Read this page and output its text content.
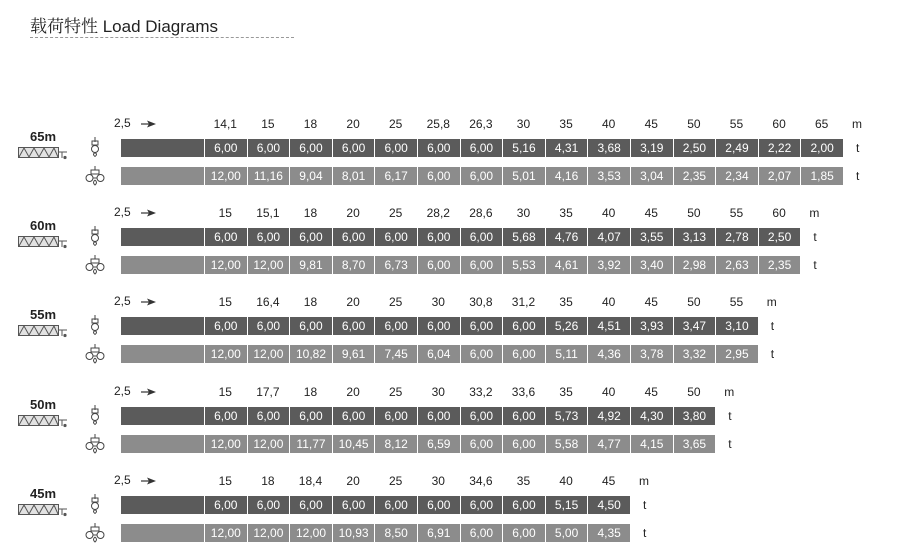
载荷特性 Load Diagrams
65m
2,5	14,1	15	18	20	25	25,8	26,3	30	35	40	45	50	55	60	65	m
6,00	6,00	6,00	6,00	6,00	6,00	6,00	5,16	4,31	3,68	3,19	2,50	2,49	2,22	2,00	t
12,00	11,16	9,04	8,01	6,17	6,00	6,00	5,01	4,16	3,53	3,04	2,35	2,34	2,07	1,85	t
60m
2,5	15	15,1	18	20	25	28,2	28,6	30	35	40	45	50	55	60	m
6,00	6,00	6,00	6,00	6,00	6,00	6,00	5,68	4,76	4,07	3,55	3,13	2,78	2,50	t
12,00	12,00	9,81	8,70	6,73	6,00	6,00	5,53	4,61	3,92	3,40	2,98	2,63	2,35	t
55m
2,5	15	16,4	18	20	25	30	30,8	31,2	35	40	45	50	55	m
6,00	6,00	6,00	6,00	6,00	6,00	6,00	6,00	5,26	4,51	3,93	3,47	3,10	t
12,00	12,00	10,82	9,61	7,45	6,04	6,00	6,00	5,11	4,36	3,78	3,32	2,95	t
50m
2,5	15	17,7	18	20	25	30	33,2	33,6	35	40	45	50	m
6,00	6,00	6,00	6,00	6,00	6,00	6,00	6,00	5,73	4,92	4,30	3,80	t
12,00	12,00	11,77	10,45	8,12	6,59	6,00	6,00	5,58	4,77	4,15	3,65	t
45m
2,5	15	18	18,4	20	25	30	34,6	35	40	45	m
6,00	6,00	6,00	6,00	6,00	6,00	6,00	6,00	5,15	4,50	t
12,00	12,00	12,00	10,93	8,50	6,91	6,00	6,00	5,00	4,35	t
